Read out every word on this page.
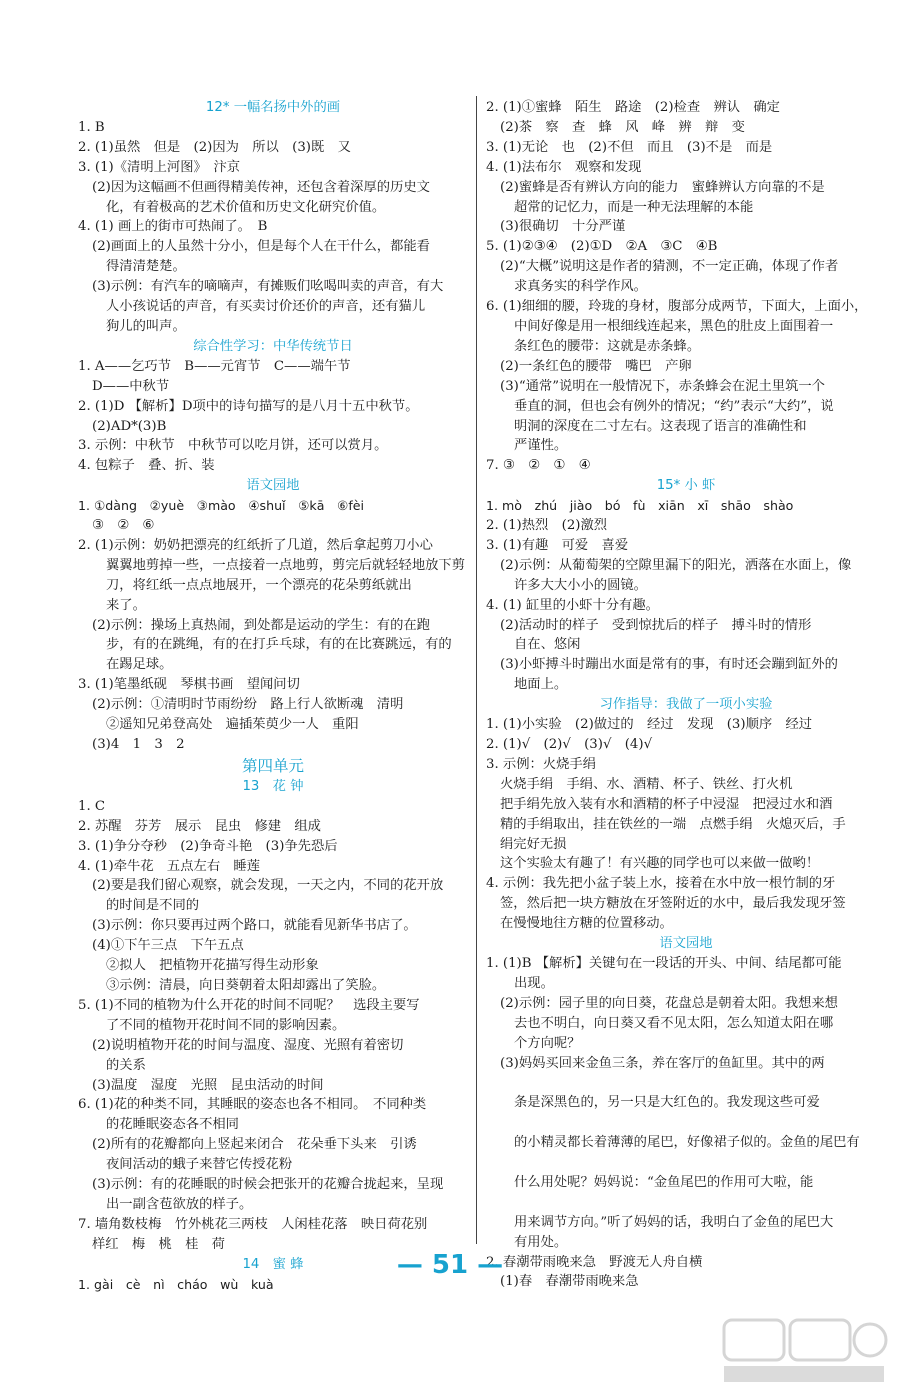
12* 一幅名扬中外的画
1. B
2. (1)虽然　但是　(2)因为　所以　(3)既　又
3. (1)《清明上河图》　汴京
(2)因为这幅画不但画得精美传神，还包含着深厚的历史文
化，有着极高的艺术价值和历史文化研究价值。
4. (1) 画上的街市可热闹了。　B
(2)画面上的人虽然十分小，但是每个人在干什么，都能看
得清清楚楚。
(3)示例：有汽车的嘀嘀声，有摊贩们吆喝叫卖的声音，有大
人小孩说话的声音，有买卖讨价还价的声音，还有猫儿
狗儿的叫声。
综合性学习：中华传统节日
1. A——乞巧节　B——元宵节　C——端午节
D——中秋节
2. (1)D 【解析】D项中的诗句描写的是八月十五中秋节。
(2)AD*(3)B
3. 示例：中秋节　中秋节可以吃月饼，还可以赏月。
4. 包粽子　叠、折、装
语文园地
1. ①dàng　②yuè　③mào　④shuǐ　⑤kā　⑥fèi
③　②　⑥
2. (1)示例：奶奶把漂亮的红纸折了几道，然后拿起剪刀小心
翼翼地剪掉一些，一点接着一点地剪，剪完后就轻轻地放下剪
刀，将红纸一点点地展开，一个漂亮的花朵剪纸就出
来了。
(2)示例：操场上真热闹，到处都是运动的学生：有的在跑
步，有的在跳绳，有的在打乒乓球，有的在比赛跳远，有的
在踢足球。
3. (1)笔墨纸砚　琴棋书画　望闻问切
(2)示例：①清明时节雨纷纷　路上行人欲断魂　清明
②遥知兄弟登高处　遍插茱萸少一人　重阳
(3)4　1　3　2
第四单元
13　花 钟
1. C
2. 苏醒　芬芳　展示　昆虫　修建　组成
3. (1)争分夺秒　(2)争奇斗艳　(3)争先恐后
4. (1)牵牛花　五点左右　睡莲
(2)要是我们留心观察，就会发现，一天之内，不同的花开放
的时间是不同的
(3)示例：你只要再过两个路口，就能看见新华书店了。
(4)①下午三点　下午五点
②拟人　把植物开花描写得生动形象
③示例：清晨，向日葵朝着太阳却露出了笑脸。
5. (1)不同的植物为什么开花的时间不同呢？　选段主要写
了不同的植物开花时间不同的影响因素。
(2)说明植物开花的时间与温度、湿度、光照有着密切
的关系
(3)温度　湿度　光照　昆虫活动的时间
6. (1)花的种类不同，其睡眠的姿态也各不相同。　不同种类
的花睡眠姿态各不相同
(2)所有的花瓣都向上竖起来闭合　花朵垂下头来　引诱
夜间活动的蛾子来替它传授花粉
(3)示例：有的花睡眠的时候会把张开的花瓣合拢起来，呈现
出一副含苞欲放的样子。
7. 墙角数枝梅　竹外桃花三两枝　人闲桂花落　映日荷花别
样红　梅　桃　桂　荷
14　蜜 蜂
1. gài　cè　nì　cháo　wù　kuà
2. (1)①蜜蜂　陌生　路途　(2)检查　辨认　确定
(2)茶　察　查　蜂　风　峰　辨　辩　变
3. (1)无论　也　(2)不但　而且　(3)不是　而是
4. (1)法布尔　观察和发现
(2)蜜蜂是否有辨认方向的能力　蜜蜂辨认方向靠的不是
超常的记忆力，而是一种无法理解的本能
(3)很确切　十分严谨
5. (1)②③④　(2)①D　②A　③C　④B
(2)“大概”说明这是作者的猜测，不一定正确，体现了作者
求真务实的科学作风。
6. (1)细细的腰，玲珑的身材，腹部分成两节，下面大，上面小，
中间好像是用一根细线连起来，黑色的肚皮上面围着一
条红色的腰带：这就是赤条蜂。
(2)一条红色的腰带　嘴巴　产卵
(3)“通常”说明在一般情况下，赤条蜂会在泥土里筑一个
垂直的洞，但也会有例外的情况；“约”表示“大约”，说
明洞的深度在二寸左右。这表现了语言的准确性和
严谨性。
7. ③　②　①　④
15* 小 虾
1. mò　zhú　jiào　bó　fù　xiān　xī　shāo　shào
2. (1)热烈　(2)激烈
3. (1)有趣　可爱　喜爱
(2)示例：从葡萄架的空隙里漏下的阳光，洒落在水面上，像
许多大大小小的圆镜。
4. (1) 缸里的小虾十分有趣。
(2)活动时的样子　受到惊扰后的样子　搏斗时的情形
自在、悠闲
(3)小虾搏斗时蹦出水面是常有的事，有时还会蹦到缸外的
地面上。
习作指导：我做了一项小实验
1. (1)小实验　(2)做过的　经过　发现　(3)顺序　经过
2. (1)√　(2)√　(3)√　(4)√
3. 示例：火烧手绢
火烧手绢　手绢、水、酒精、杯子、铁丝、打火机
把手绢先放入装有水和酒精的杯子中浸湿　把浸过水和酒
精的手绢取出，挂在铁丝的一端　点燃手绢　火熄灭后，手
绢完好无损
这个实验太有趣了！有兴趣的同学也可以来做一做哟！
4. 示例：我先把小盆子装上水，接着在水中放一根竹制的牙
签，然后把一块方糖放在牙签附近的水中，最后我发现牙签
在慢慢地往方糖的位置移动。
语文园地
1. (1)B 【解析】关键句在一段话的开头、中间、结尾都可能
出现。
(2)示例：园子里的向日葵，花盘总是朝着太阳。我想来想
去也不明白，向日葵又看不见太阳，怎么知道太阳在哪
个方向呢？
(3)妈妈买回来金鱼三条，养在客厅的鱼缸里。其中的两

条是深黑色的，另一只是大红色的。我发现这些可爱

的小精灵都长着薄薄的尾巴，好像裙子似的。金鱼的尾巴有

什么用处呢？妈妈说：“金鱼尾巴的作用可大啦，能

用来调节方向。”听了妈妈的话，我明白了金鱼的尾巴大
有用处。
2. 春潮带雨晚来急　野渡无人舟自横
(1)春　春潮带雨晚来急
— 51 —
